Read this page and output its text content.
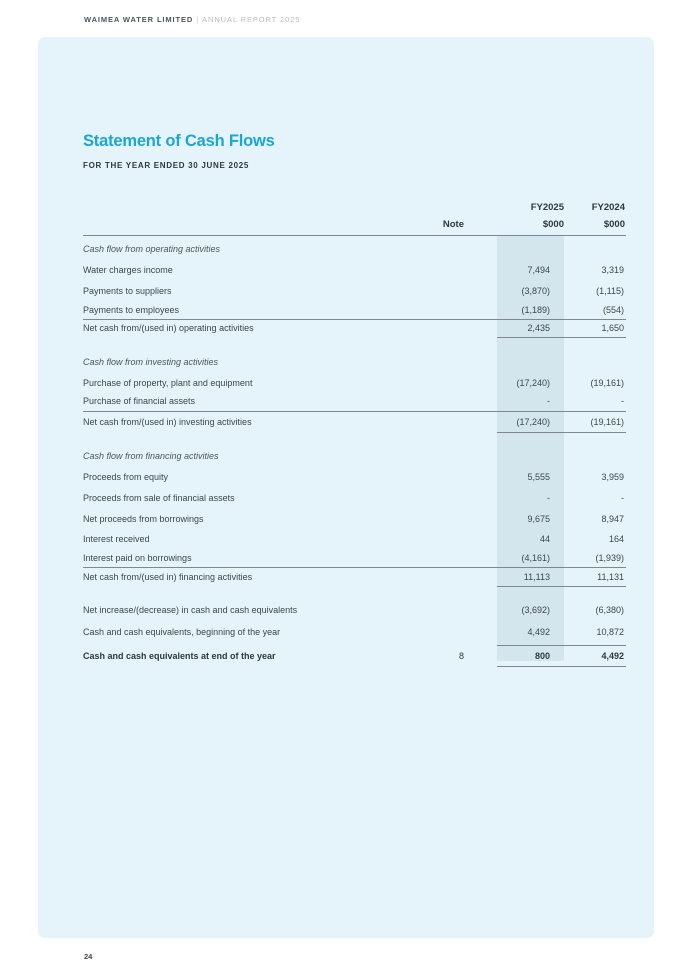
WAIMEA WATER LIMITED | ANNUAL REPORT 2025
Statement of Cash Flows
FOR THE YEAR ENDED 30 JUNE 2025
FY2025	FY2024
Note	$000	$000
Cash flow from operating activities
Water charges income	7,494	3,319
Payments to suppliers	(3,870)	(1,115)
Payments to employees	(1,189)	(554)
Net cash from/(used in) operating activities	2,435	1,650
Cash flow from investing activities
Purchase of property, plant and equipment	(17,240)	(19,161)
Purchase of financial assets	-	-
Net cash from/(used in) investing activities	(17,240)	(19,161)
Cash flow from financing activities
Proceeds from equity	5,555	3,959
Proceeds from sale of financial assets	-	-
Net proceeds from borrowings	9,675	8,947
Interest received	44	164
Interest paid on borrowings	(4,161)	(1,939)
Net cash from/(used in) financing activities	11,113	11,131
Net increase/(decrease) in cash and cash equivalents	(3,692)	(6,380)
Cash and cash equivalents, beginning of the year	4,492	10,872
Cash and cash equivalents at end of the year	8	800	4,492
24
